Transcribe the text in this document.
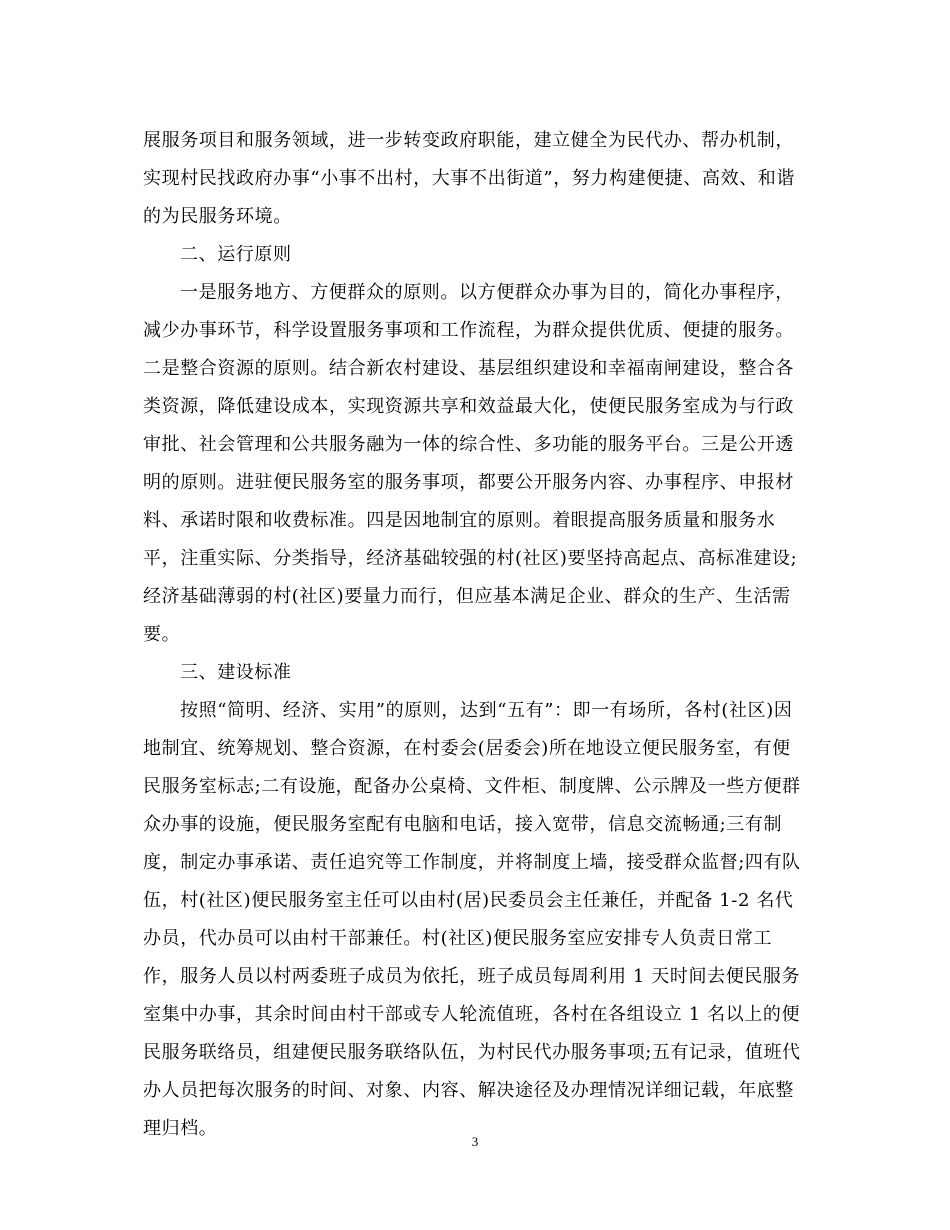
展服务项目和服务领域，进一步转变政府职能，建立健全为民代办、帮办机制，
实现村民找政府办事“小事不出村，大事不出街道”，努力构建便捷、高效、和谐
的为民服务环境。
二、运行原则
一是服务地方、方便群众的原则。以方便群众办事为目的，简化办事程序，
减少办事环节，科学设置服务事项和工作流程，为群众提供优质、便捷的服务。
二是整合资源的原则。结合新农村建设、基层组织建设和幸福南闸建设，整合各
类资源，降低建设成本，实现资源共享和效益最大化，使便民服务室成为与行政
审批、社会管理和公共服务融为一体的综合性、多功能的服务平台。三是公开透
明的原则。进驻便民服务室的服务事项，都要公开服务内容、办事程序、申报材
料、承诺时限和收费标准。四是因地制宜的原则。着眼提高服务质量和服务水
平，注重实际、分类指导，经济基础较强的村(社区)要坚持高起点、高标准建设;
经济基础薄弱的村(社区)要量力而行，但应基本满足企业、群众的生产、生活需
要。
三、建设标准
按照“简明、经济、实用”的原则，达到“五有”：即一有场所，各村(社区)因
地制宜、统筹规划、整合资源，在村委会(居委会)所在地设立便民服务室，有便
民服务室标志;二有设施，配备办公桌椅、文件柜、制度牌、公示牌及一些方便群
众办事的设施，便民服务室配有电脑和电话，接入宽带，信息交流畅通;三有制
度，制定办事承诺、责任追究等工作制度，并将制度上墙，接受群众监督;四有队
伍，村(社区)便民服务室主任可以由村(居)民委员会主任兼任，并配备 1-2 名代
办员，代办员可以由村干部兼任。村(社区)便民服务室应安排专人负责日常工
作，服务人员以村两委班子成员为依托，班子成员每周利用 1 天时间去便民服务
室集中办事，其余时间由村干部或专人轮流值班，各村在各组设立 1 名以上的便
民服务联络员，组建便民服务联络队伍，为村民代办服务事项;五有记录，值班代
办人员把每次服务的时间、对象、内容、解决途径及办理情况详细记载，年底整
理归档。
3
